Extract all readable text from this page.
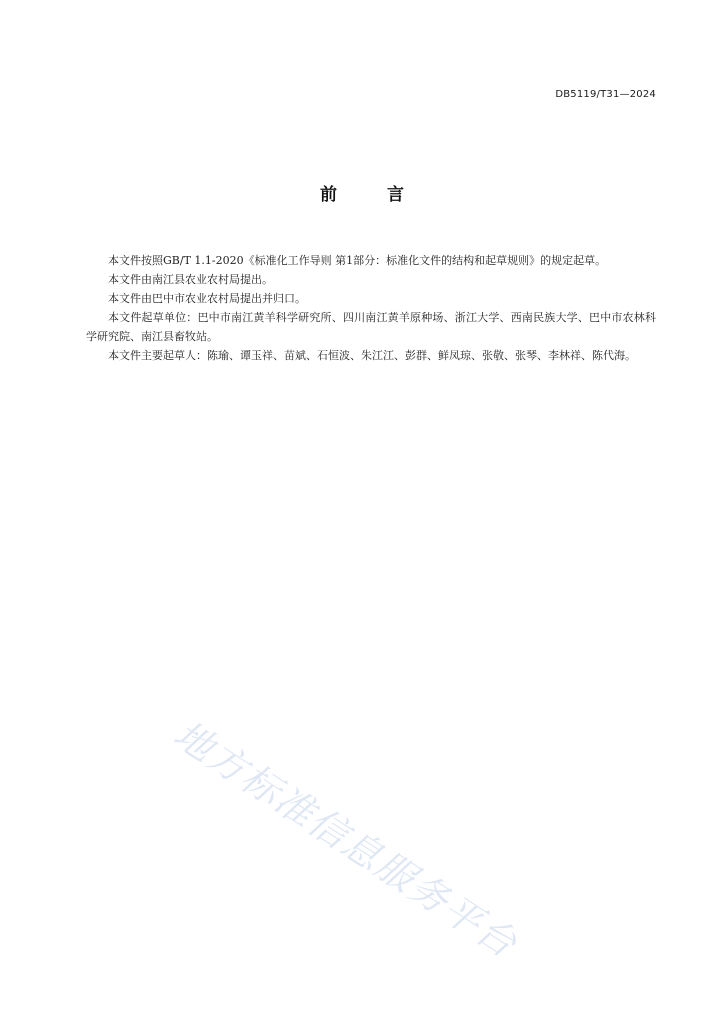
DB5119/T31—2024
前 言

本文件按照GB/T 1.1-2020《标准化工作导则 第1部分：标准化文件的结构和起草规则》的规定起草。

本文件由南江县农业农村局提出。

本文件由巴中市农业农村局提出并归口。

本文件起草单位：巴中市南江黄羊科学研究所、四川南江黄羊原种场、浙江大学、西南民族大学、巴中市农林科学研究院、南江县畜牧站。

本文件主要起草人：陈瑜、谭玉祥、苗斌、石恒波、朱江江、彭群、鲜凤琼、张敬、张琴、李林祥、陈代海。

地方标准信息服务平台
